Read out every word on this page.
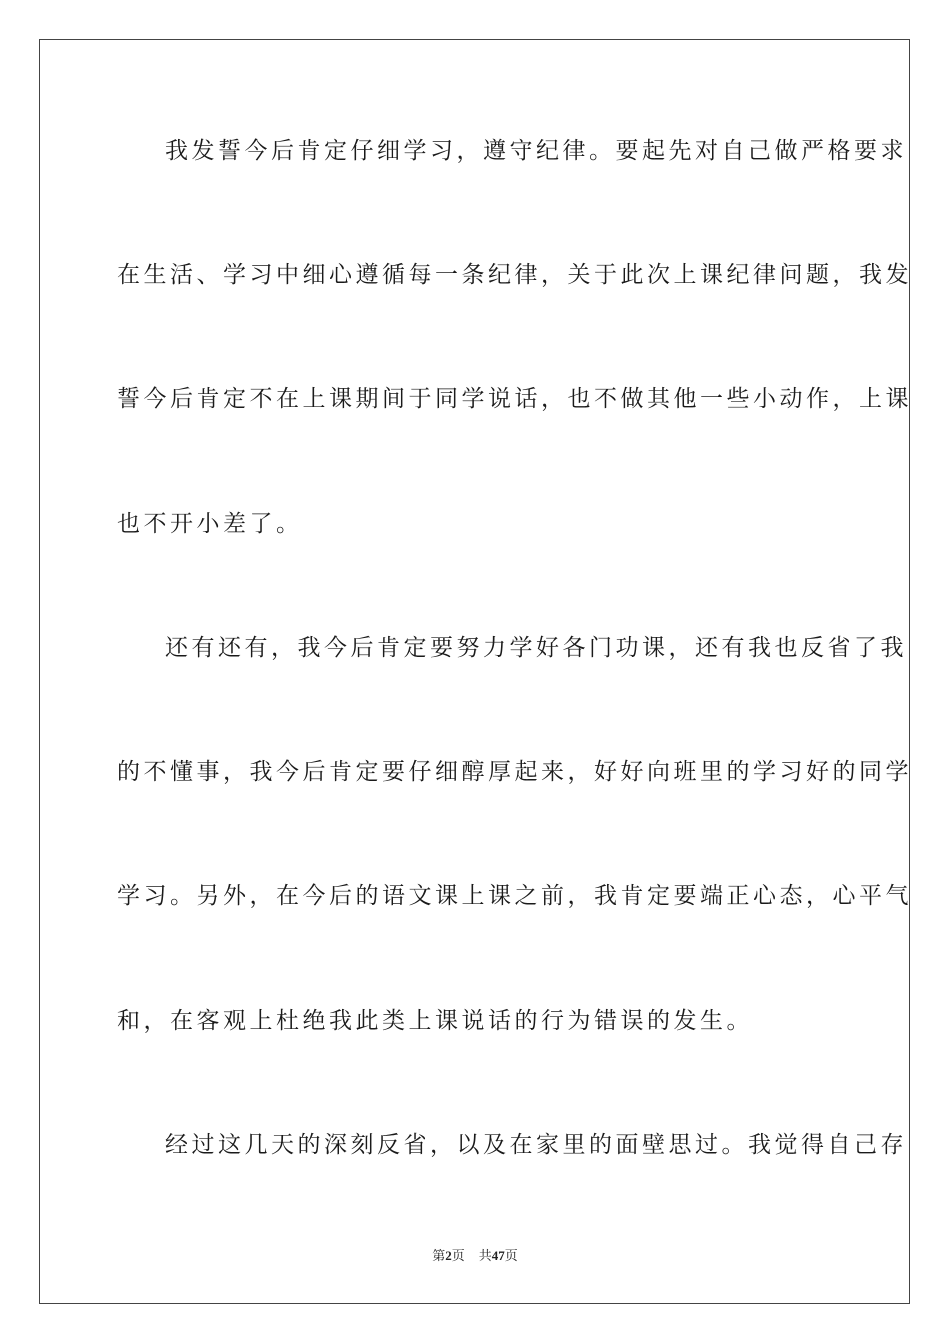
我发誓今后肯定仔细学习，遵守纪律。要起先对自己做严格要求
在生活、学习中细心遵循每一条纪律，关于此次上课纪律问题，我发
誓今后肯定不在上课期间于同学说话，也不做其他一些小动作，上课
也不开小差了。
还有还有，我今后肯定要努力学好各门功课，还有我也反省了我
的不懂事，我今后肯定要仔细醇厚起来，好好向班里的学习好的同学
学习。另外，在今后的语文课上课之前，我肯定要端正心态，心平气
和，在客观上杜绝我此类上课说话的行为错误的发生。
经过这几天的深刻反省，以及在家里的面壁思过。我觉得自己存
第2页 共47页
